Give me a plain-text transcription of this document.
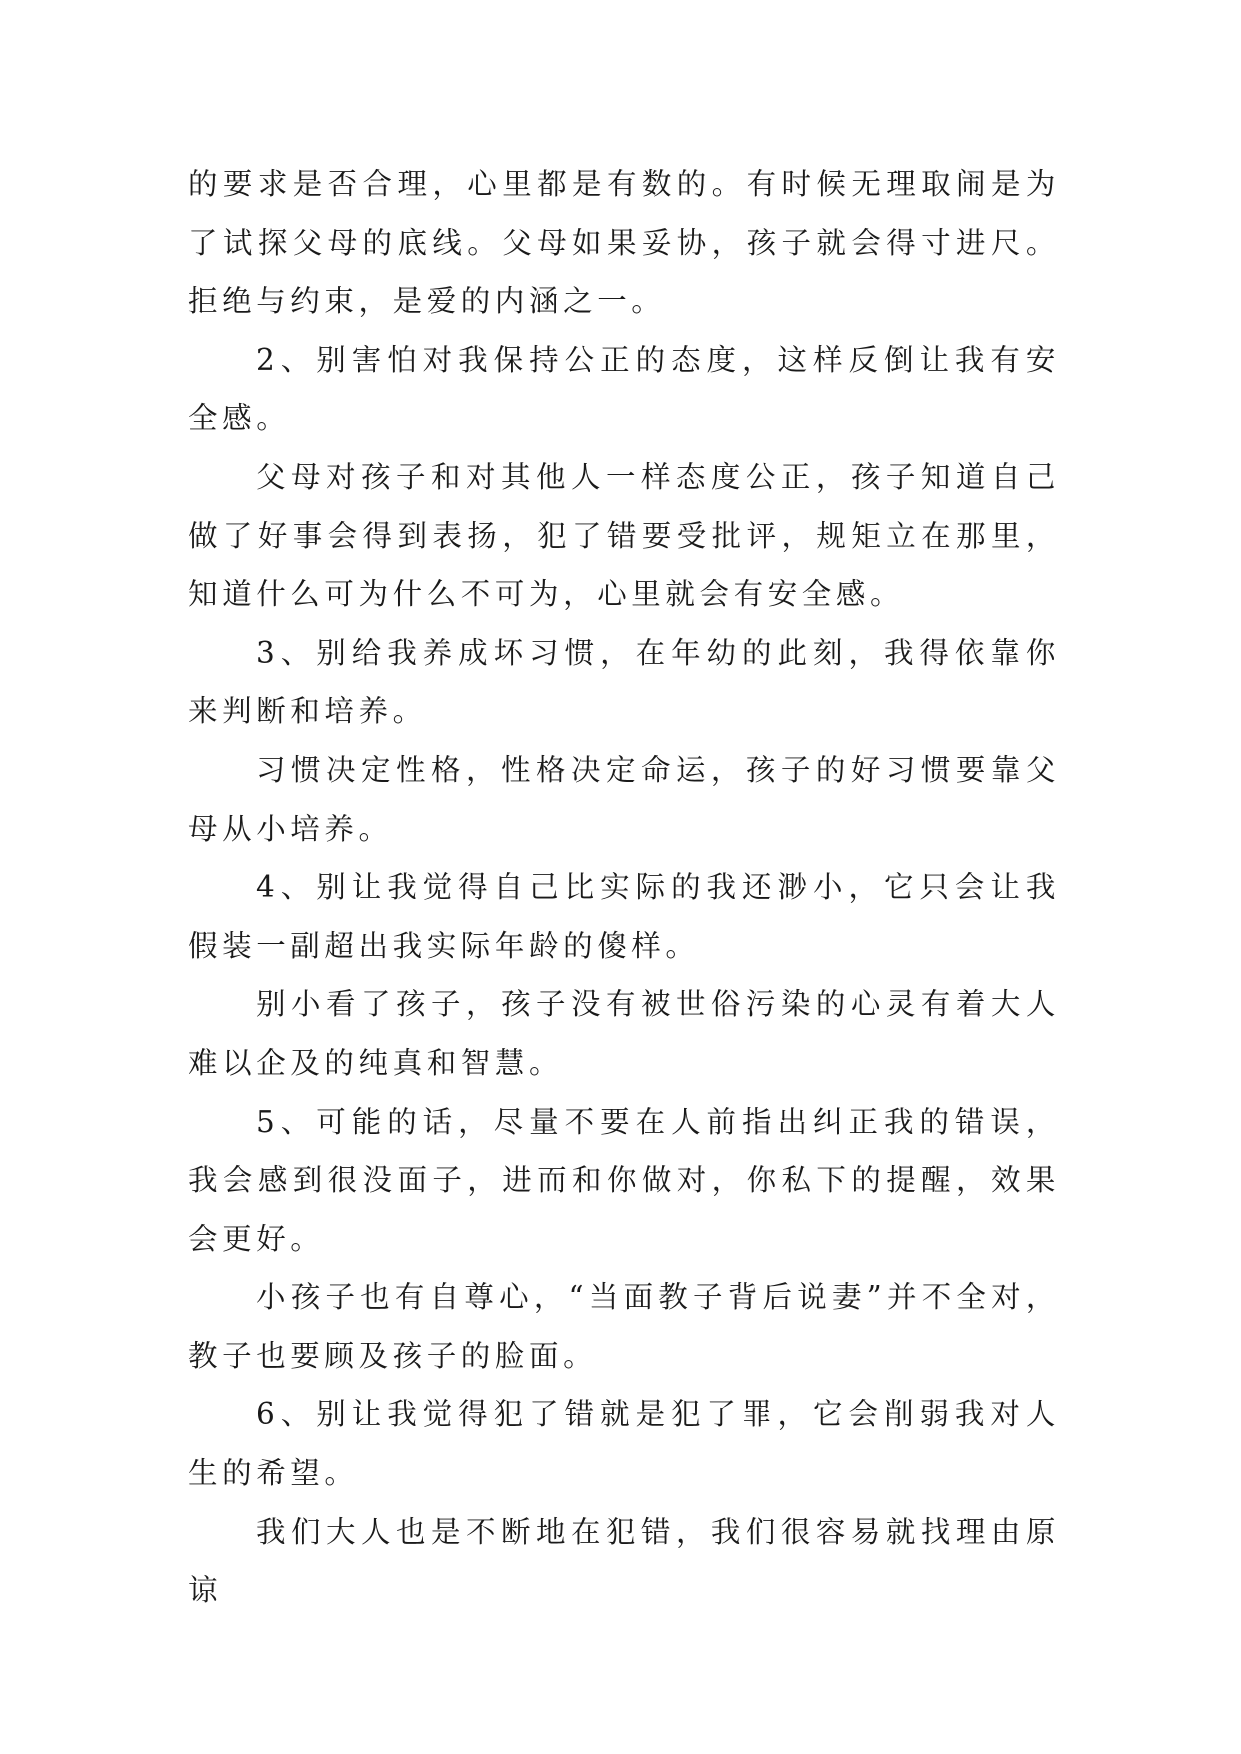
的要求是否合理，心里都是有数的。有时候无理取闹是为了试探父母的底线。父母如果妥协，孩子就会得寸进尺。拒绝与约束，是爱的内涵之一。

2、别害怕对我保持公正的态度，这样反倒让我有安全感。

父母对孩子和对其他人一样态度公正，孩子知道自己做了好事会得到表扬，犯了错要受批评，规矩立在那里，知道什么可为什么不可为，心里就会有安全感。

3、别给我养成坏习惯，在年幼的此刻，我得依靠你来判断和培养。

习惯决定性格，性格决定命运，孩子的好习惯要靠父母从小培养。

4、别让我觉得自己比实际的我还渺小，它只会让我假装一副超出我实际年龄的傻样。

别小看了孩子，孩子没有被世俗污染的心灵有着大人难以企及的纯真和智慧。

5、可能的话，尽量不要在人前指出纠正我的错误，我会感到很没面子，进而和你做对，你私下的提醒，效果会更好。

小孩子也有自尊心，“当面教子背后说妻”并不全对，教子也要顾及孩子的脸面。

6、别让我觉得犯了错就是犯了罪，它会削弱我对人生的希望。

我们大人也是不断地在犯错，我们很容易就找理由原谅
